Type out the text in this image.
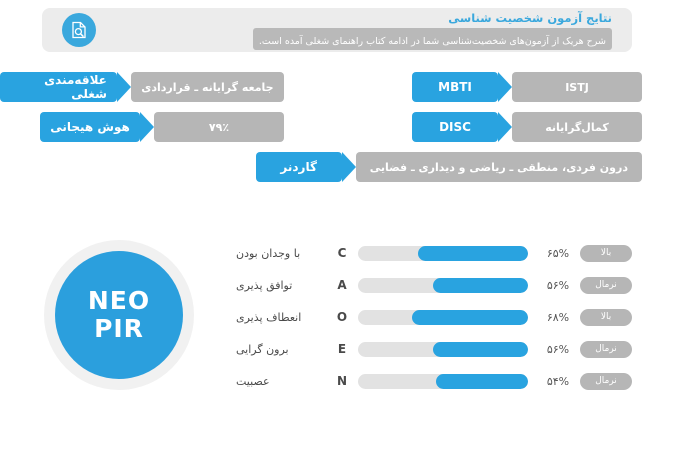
نتایج آزمون شخصیت شناسی
شرح هریک از آزمون‌های شخصیت‌شناسی شما در ادامه کتاب راهنمای شغلی آمده است.
MBTI	ISTJ
DISC	کمال‌گرایانه
گاردنر	درون فردی، منطقی ـ ریاضی و دیداری ـ فضایی
علاقه‌مندی شغلی	جامعه گرایانه ـ قراردادی
هوش هیجانی	۷۹٪
NEO
PIR
با وجدان بودن	C	۶۵%	بالا
توافق پذیری	A	۵۶%	نرمال
انعطاف پذیری	O	۶۸%	بالا
برون گرایی	E	۵۶%	نرمال
عصبیت	N	۵۴%	نرمال
